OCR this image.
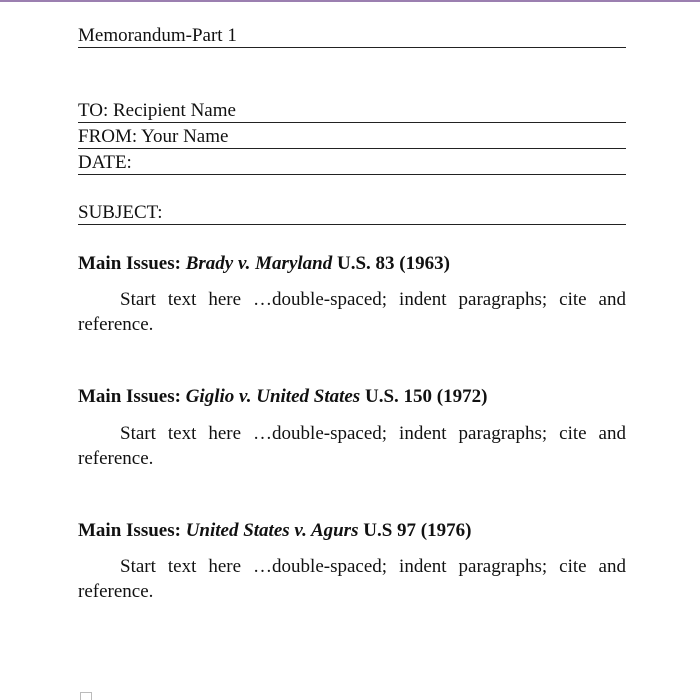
Memorandum-Part 1
TO: Recipient Name
FROM: Your Name
DATE:
SUBJECT:
Main Issues: Brady v. Maryland U.S. 83 (1963)
Start text here …double-spaced; indent paragraphs; cite and reference.
Main Issues: Giglio v. United States U.S. 150 (1972)
Start text here …double-spaced; indent paragraphs; cite and reference.
Main Issues: United States v. Agurs U.S 97 (1976)
Start text here …double-spaced; indent paragraphs; cite and reference.
